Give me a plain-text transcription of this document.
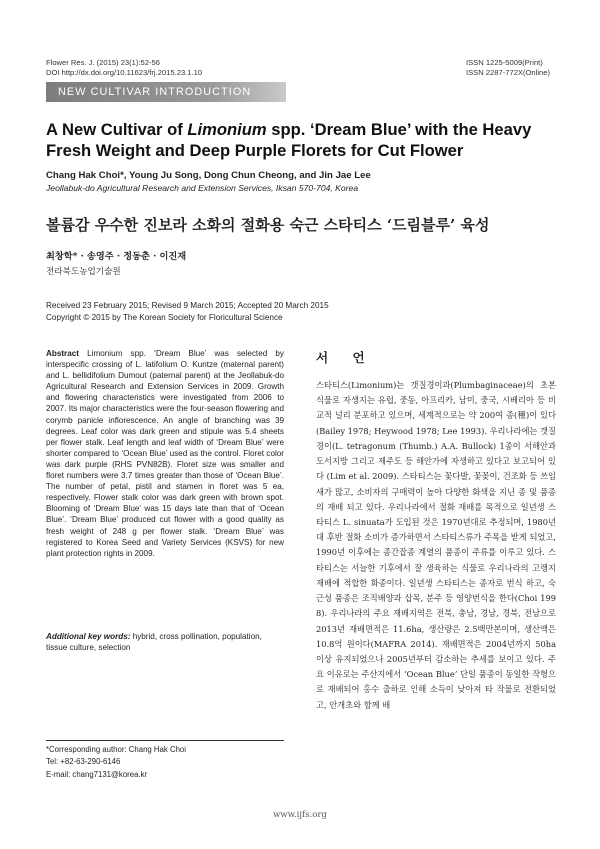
Flower Res. J. (2015) 23(1):52-56
DOI http://dx.doi.org/10.11623/frj.2015.23.1.10
ISSN 1225-5009(Print)
ISSN 2287-772X(Online)
NEW CULTIVAR INTRODUCTION
A New Cultivar of Limonium spp. ‘Dream Blue’ with the Heavy Fresh Weight and Deep Purple Florets for Cut Flower
Chang Hak Choi*, Young Ju Song, Dong Chun Cheong, and Jin Jae Lee
Jeollabuk-do Agricultural Research and Extension Services, Iksan 570-704, Korea
볼륨감 우수한 진보라 소화의 절화용 숙근 스타티스 ‘드림블루’ 육성
최창학* · 송영주 · 정동춘 · 이진재
전라북도농업기술원
Received 23 February 2015; Revised 9 March 2015; Accepted 20 March 2015
Copyright © 2015 by The Korean Society for Floricultural Science
Abstract Limonium spp. ‘Dream Blue’ was selected by interspecific crossing of L. latifolium O. Kuntze (maternal parent) and L. bellidifolium Dumout (paternal parent) at the Jeollabuk-do Agricultural Research and Extension Services in 2009. Growth and flowering characteristics were investigated from 2006 to 2007. Its major characteristics were the four-season flowering and corymb panicle inflorescence. An angle of branching was 39 degrees. Leaf color was dark green and stipule was 5.4 sheets per flower stalk. Leaf length and leaf width of ‘Dream Blue’ were shorter compared to ‘Ocean Blue’ used as the control. Floret color was dark purple (RHS PVN82B). Floret size was smaller and floret numbers were 3.7 times greater than those of ‘Ocean Blue’. The number of petal, pistil and stamen in floret was 5 ea, respectively. Flower stalk color was dark green with brown spot. Blooming of ‘Dream Blue’ was 15 days late than that of ‘Ocean Blue’. ‘Dream Blue’ produced cut flower with a good quality as fresh weight of 248 g per flower stalk. ‘Dream Blue’ was registered to Korea Seed and Variety Services (KSVS) for new plant protection rights in 2009.
Additional key words: hybrid, cross pollination, population, tissue culture, selection
*Corresponding author: Chang Hak Choi
Tel: +82-63-290-6146
E-mail: chang7131@korea.kr
서 언
스타티스(Limonium)는 갯질경이과(Plumbaginaceae)의 초본식물로 자생지는 유럽, 중동, 아프리카, 남미, 중국, 시베리아 등 비교적 널리 분포하고 있으며, 세계적으로는 약 200여 종(種)이 있다(Bailey 1978; Heywood 1978; Lee 1993). 우리나라에는 갯질경이(L. tetragonum (Thumb.) A.A. Bullock) 1종이 서해안과 도서지방 그리고 제주도 등 해안가에 자생하고 있다고 보고되어 있다 (Lim et al. 2009). 스타티스는 꽃다발, 꽃꽂이, 건조화 등 쓰임새가 많고, 소비자의 구매력이 높아 다양한 화색을 지닌 종 및 품종의 재배 되고 있다. 우리나라에서 절화 재배를 목적으로 일년생 스타티스 L. sinuata가 도입된 것은 1970년대로 추정되며, 1980년대 후반 절화 소비가 증가하면서 스타티스류가 주목을 받게 되었고, 1990년 이후에는 종간잡종 계열의 품종이 주류를 이루고 있다. 스타티스는 서늘한 기후에서 잘 생육하는 식물로 우리나라의 고랭지 재배에 적합한 화종이다. 일년생 스타티스는 종자로 번식 하고, 숙근성 품종은 조직배양과 삽목, 분주 등 영양번식을 한다(Choi 1998). 우리나라의 주요 재배지역은 전북, 충남, 경남, 경북, 전남으로 2013년 재배면적은 11.6ha, 생산량은 2.5백만본이며, 생산액은 10.8억 원이다(MAFRA 2014). 재배면적은 2004년까지 50ha 이상 유지되었으나 2005년부터 감소하는 추세를 보이고 있다. 주요 이유로는 주산지에서 ‘Ocean Blue’ 단일 품종이 동일한 작형으로 재배되어 홍수 출하로 인해 소득이 낮아져 타 작물로 전환되었고, 안개초와 함께 배
www.ijfs.org
